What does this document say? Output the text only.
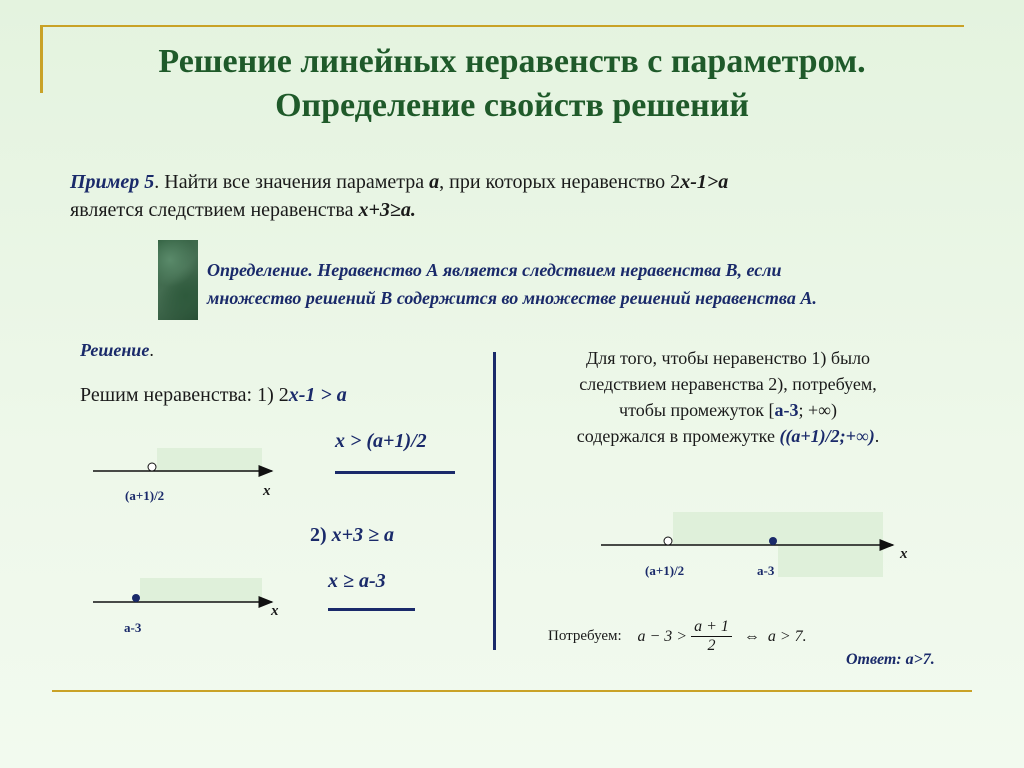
Решение линейных неравенств с параметром.
Определение свойств решений
Пример 5. Найти все значения параметра а, при которых неравенство 2х-1>а
является следствием неравенства х+3≥а.
Определение. Неравенство А является следствием неравенства В, если
множество решений В содержится во множестве решений неравенства А.
Решение.
Решим неравенства: 1) 2х-1 > а
x > (a+1)/2
2) x+3 ≥ a
x ≥ a-3
(а+1)/2	x
а-3
x
(а+1)/2	а-3
x
Для того, чтобы неравенство 1) было
следствием неравенства 2), потребуем,
чтобы промежуток [а-3; +∞)
содержался в промежутке ((а+1)/2;+∞).
Потребуем: $a - 3 > \frac{a + 1}{2}$ ⇔ a > 7.
Ответ: а>7.
